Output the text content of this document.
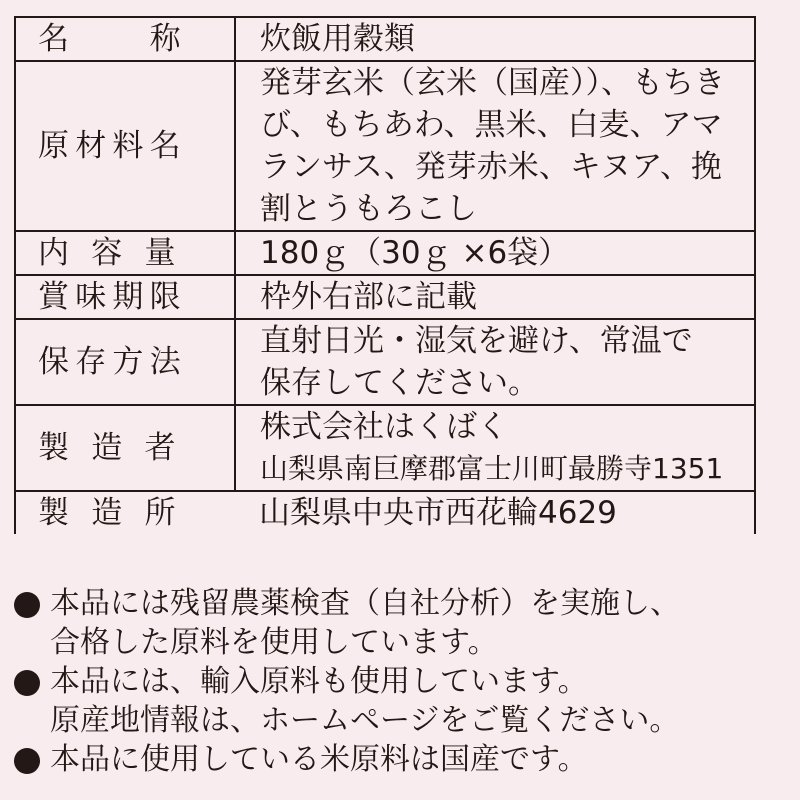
名　　称	炊飯用穀類

原材料名	発芽玄米（玄米（国産））、もちき
び、もちあわ、黒米、白麦、アマ
ランサス、発芽赤米、キヌア、挽
割とうもろこし

内 容 量	180ｇ（30ｇ ×6袋）

賞味期限	枠外右部に記載

保存方法	直射日光・湿気を避け、常温で
保存してください。

製 造 者	株式会社はくばく
山梨県南巨摩郡富士川町最勝寺1351

製 造 所	山梨県中央市西花輪4629
本品には残留農薬検査（自社分析）を実施し、
合格した原料を使用しています。
本品には、輸入原料も使用しています。
原産地情報は、ホームページをご覧ください。
本品に使用している米原料は国産です。
